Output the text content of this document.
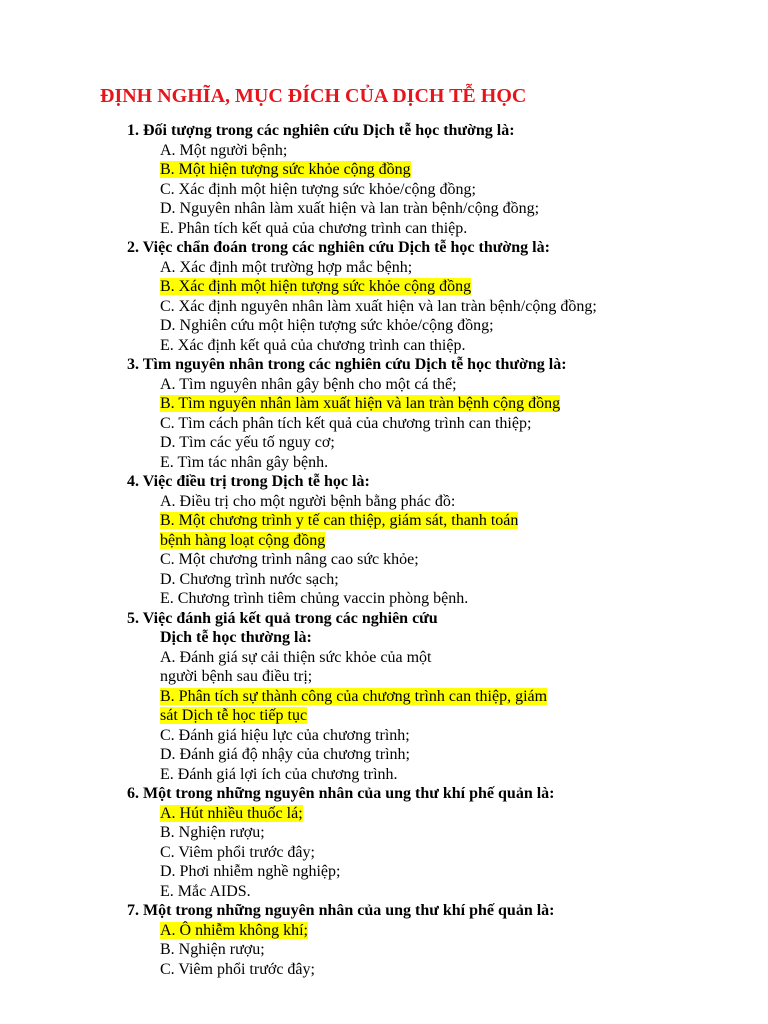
ĐỊNH NGHĨA, MỤC ĐÍCH CỦA DỊCH TỄ HỌC
1. Đối tượng trong các nghiên cứu Dịch tễ học thường là:
A. Một người bệnh;
B. Một hiện tượng sức khỏe cộng đồng
C. Xác định một hiện tượng sức khỏe/cộng đồng;
D. Nguyên nhân làm xuất hiện và lan tràn bệnh/cộng đồng;
E. Phân tích kết quả của chương trình can thiệp.
2. Việc chẩn đoán trong các nghiên cứu Dịch tễ học thường là:
A. Xác định một trường hợp mắc bệnh;
B. Xác định một hiện tượng sức khỏe cộng đồng
C. Xác định nguyên nhân làm xuất hiện và lan tràn bệnh/cộng đồng;
D. Nghiên cứu một hiện tượng sức khỏe/cộng đồng;
E. Xác định kết quả của chương trình can thiệp.
3. Tìm nguyên nhân trong các nghiên cứu Dịch tễ học thường là:
A. Tìm nguyên nhân gây bệnh cho một cá thể;
B. Tìm nguyên nhân làm xuất hiện và lan tràn bệnh cộng đồng
C. Tìm cách phân tích kết quả của chương trình can thiệp;
D. Tìm các yếu tố nguy cơ;
E. Tìm tác nhân gây bệnh.
4. Việc điều trị trong Dịch tễ học là:
A. Điều trị cho một người bệnh bằng phác đồ:
B. Một chương trình y tế can thiệp, giám sát, thanh toán
bệnh hàng loạt cộng đồng
C. Một chương trình nâng cao sức khỏe;
D. Chương trình nước sạch;
E. Chương trình tiêm chủng vaccin phòng bệnh.
5. Việc đánh giá kết quả trong các nghiên cứu
Dịch tễ học thường là:
A. Đánh giá sự cải thiện sức khỏe của một
người bệnh sau điều trị;
B. Phân tích sự thành công của chương trình can thiệp, giám
sát Dịch tễ học tiếp tục
C. Đánh giá hiệu lực của chương trình;
D. Đánh giá độ nhậy của chương trình;
E. Đánh giá lợi ích của chương trình.
6. Một trong những nguyên nhân của ung thư khí phế quản là:
A. Hút nhiều thuốc lá;
B. Nghiện rượu;
C. Viêm phổi trước đây;
D. Phơi nhiễm nghề nghiệp;
E. Mắc AIDS.
7. Một trong những nguyên nhân của ung thư khí phế quản là:
A. Ô nhiễm không khí;
B. Nghiện rượu;
C. Viêm phổi trước đây;
